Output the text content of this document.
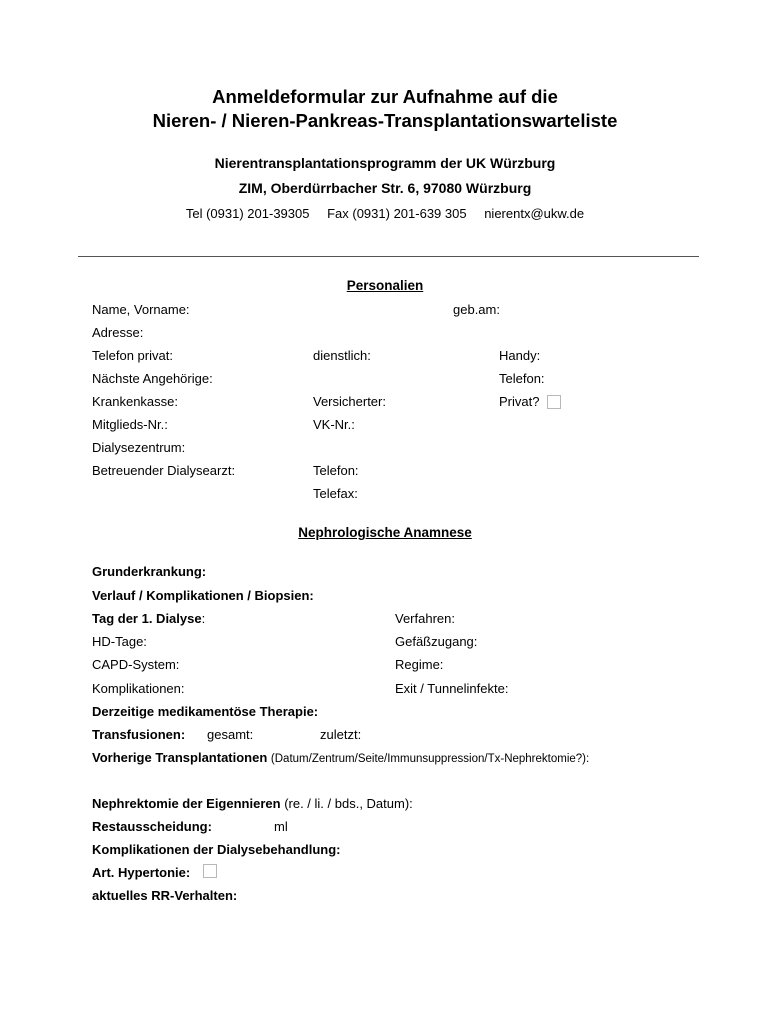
Anmeldeformular zur Aufnahme auf die
Nieren- / Nieren-Pankreas-Transplantationswarteliste
Nierentransplantationsprogramm der UK Würzburg
ZIM, Oberdürrbacher Str. 6, 97080 Würzburg
Tel (0931) 201-39305 Fax (0931) 201-639 305 nierentx@ukw.de
Personalien
Name, Vorname:	geb.am:
Adresse:
Telefon privat:	dienstlich:	Handy:
Nächste Angehörige:	Telefon:
Krankenkasse:	Versicherter:	Privat?
Mitglieds-Nr.:	VK-Nr.:
Dialysezentrum:
Betreuender Dialysearzt:	Telefon:
Telefax:
Nephrologische Anamnese
Grunderkrankung:
Verlauf / Komplikationen / Biopsien:
Tag der 1. Dialyse:	Verfahren:
HD-Tage:	Gefäßzugang:
CAPD-System:	Regime:
Komplikationen:	Exit / Tunnelinfekte:
Derzeitige medikamentöse Therapie:
Transfusionen: gesamt:	zuletzt:
Vorherige Transplantationen (Datum/Zentrum/Seite/Immunsuppression/Tx-Nephrektomie?):
Nephrektomie der Eigennieren (re. / li. / bds., Datum):
Restausscheidung:	ml
Komplikationen der Dialysebehandlung:
Art. Hypertonie:
aktuelles RR-Verhalten:
